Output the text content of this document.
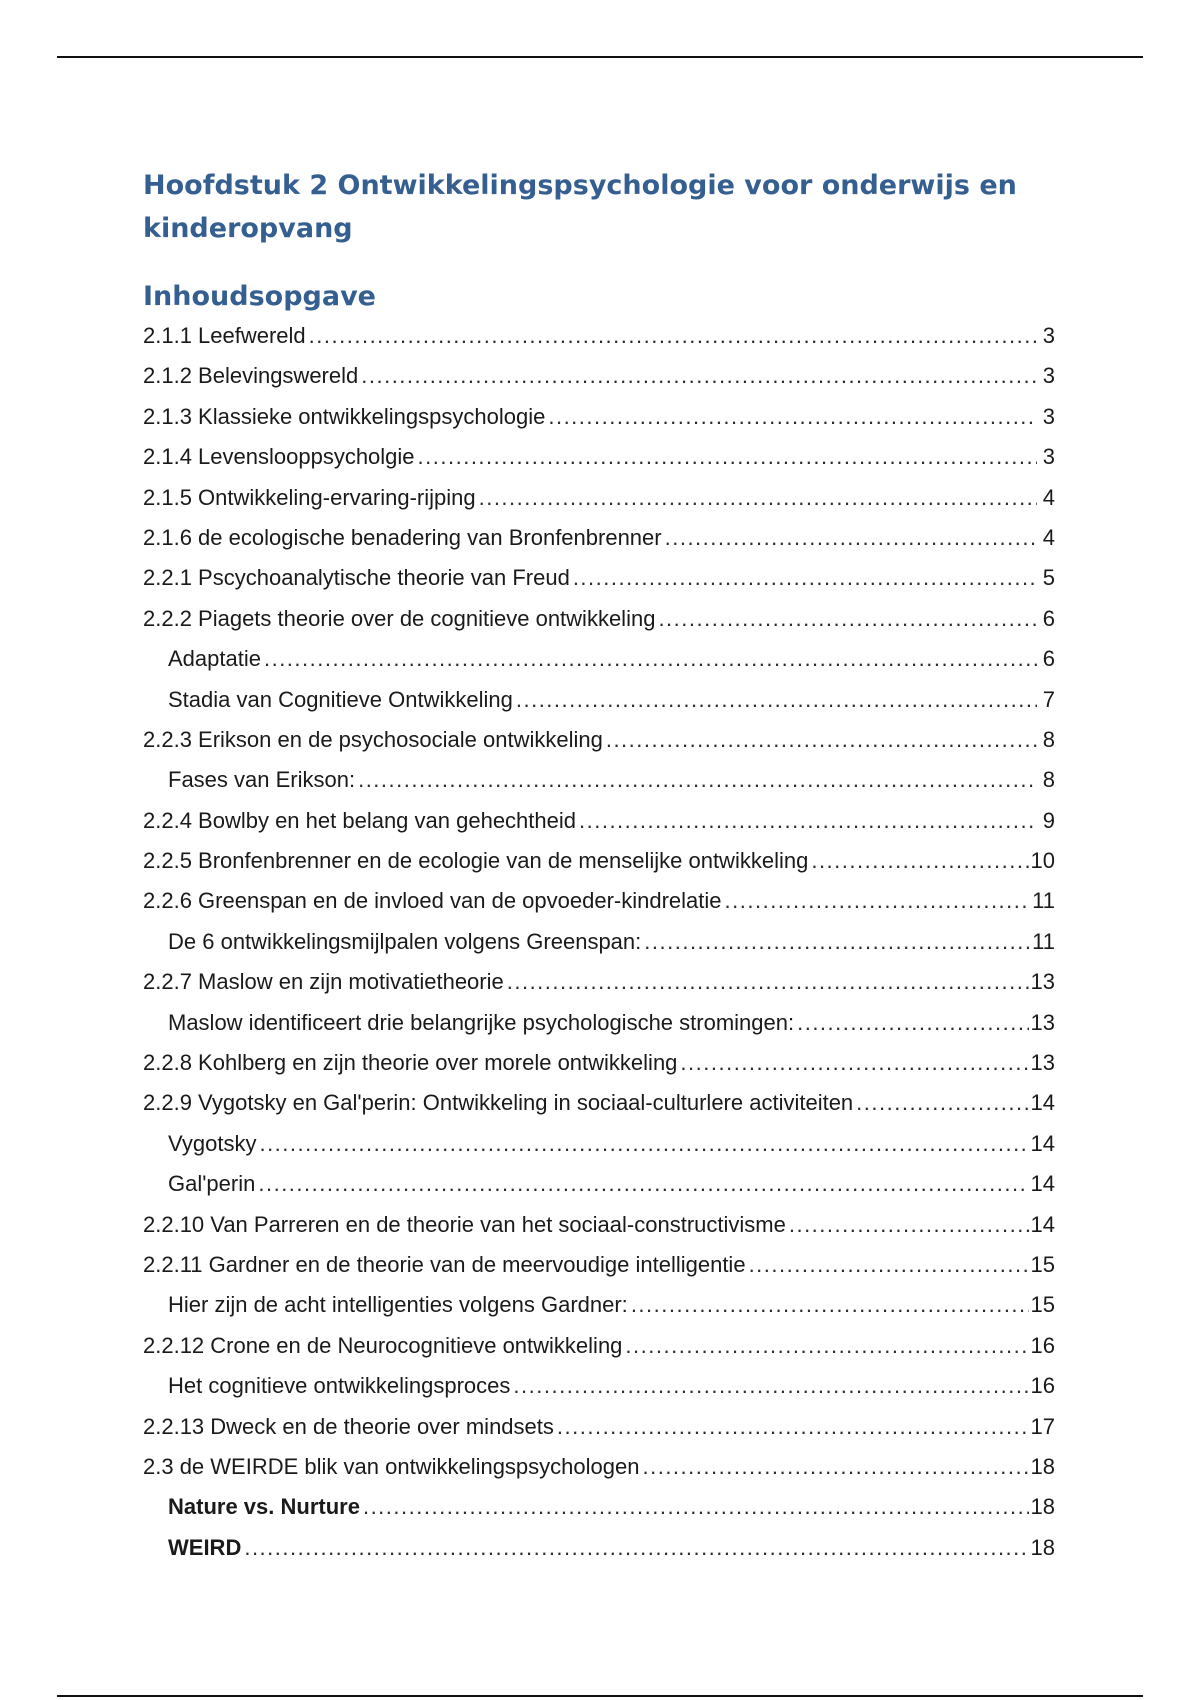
Hoofdstuk 2 Ontwikkelingspsychologie voor onderwijs en kinderopvang
Inhoudsopgave
2.1.1 Leefwereld .....	3
2.1.2 Belevingswereld .....	3
2.1.3 Klassieke ontwikkelingspsychologie .....	3
2.1.4 Levenslooppsycholgie .....	3
2.1.5 Ontwikkeling-ervaring-rijping .....	4
2.1.6 de ecologische benadering van Bronfenbrenner .....	4
2.2.1 Pscychoanalytische theorie van Freud .....	5
2.2.2 Piagets theorie over de cognitieve ontwikkeling .....	6
Adaptatie .....	6
Stadia van Cognitieve Ontwikkeling .....	7
2.2.3 Erikson en de psychosociale ontwikkeling .....	8
Fases van Erikson: .....	8
2.2.4 Bowlby en het belang van gehechtheid .....	9
2.2.5 Bronfenbrenner en de ecologie van de menselijke ontwikkeling .....	10
2.2.6 Greenspan en de invloed van de opvoeder-kindrelatie .....	11
De 6 ontwikkelingsmijlpalen volgens Greenspan: .....	11
2.2.7 Maslow en zijn motivatietheorie .....	13
Maslow identificeert drie belangrijke psychologische stromingen: .....	13
2.2.8 Kohlberg en zijn theorie over morele ontwikkeling .....	13
2.2.9 Vygotsky en Gal'perin: Ontwikkeling in sociaal-culturlere activiteiten .....	14
Vygotsky .....	14
Gal'perin .....	14
2.2.10 Van Parreren en de theorie van het sociaal-constructivisme .....	14
2.2.11 Gardner en de theorie van de meervoudige intelligentie .....	15
Hier zijn de acht intelligenties volgens Gardner: .....	15
2.2.12 Crone en de Neurocognitieve ontwikkeling .....	16
Het cognitieve ontwikkelingsproces .....	16
2.2.13 Dweck en de theorie over mindsets .....	17
2.3 de WEIRDE blik van ontwikkelingspsychologen .....	18
Nature vs. Nurture .....	18
WEIRD .....	18
